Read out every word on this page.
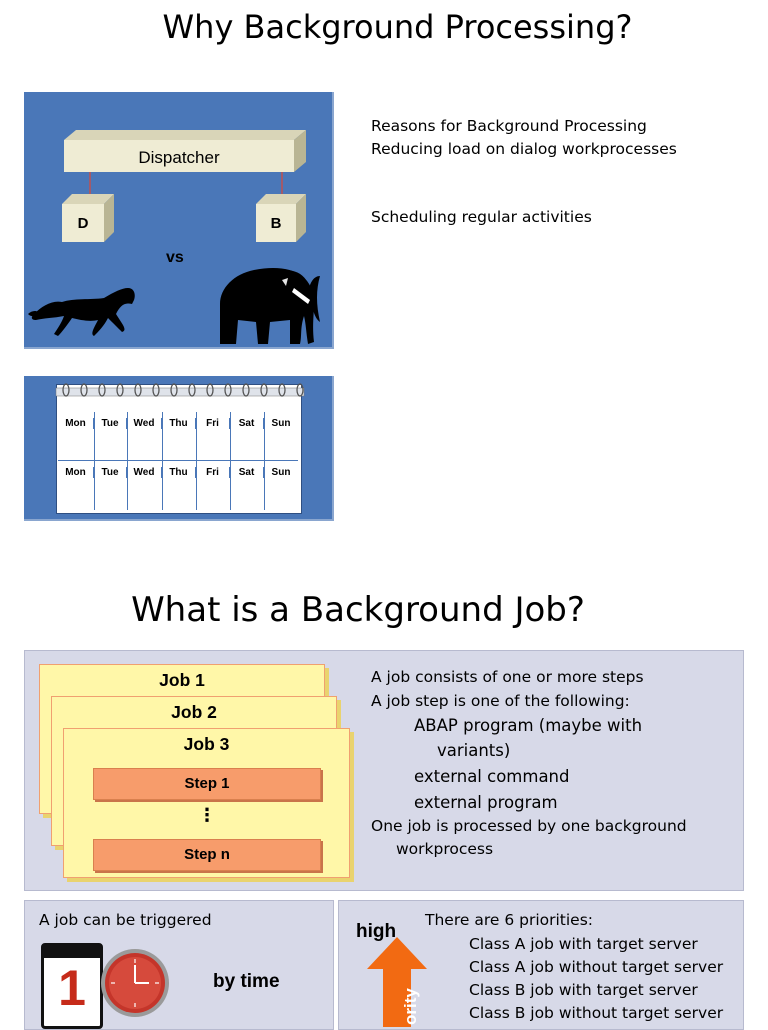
Why Background Processing?
Dispatcher
D	B
vs
Reasons for Background Processing
Reducing load on dialog workprocesses
Scheduling regular activities
Mon	Tue	Wed	Thu	Fri	Sat	Sun
Mon	Tue	Wed	Thu	Fri	Sat	Sun
What is a Background Job?
Job 1
Job 2
Job 3
Step 1
⋮
Step n
A job consists of one or more steps
A job step is one of the following:
ABAP program (maybe with
variants)
external command
external program
One job is processed by one background
workprocess
A job can be triggered
1	by time
high
ority
There are 6 priorities:
Class A job with target server
Class A job without target server
Class B job with target server
Class B job without target server
